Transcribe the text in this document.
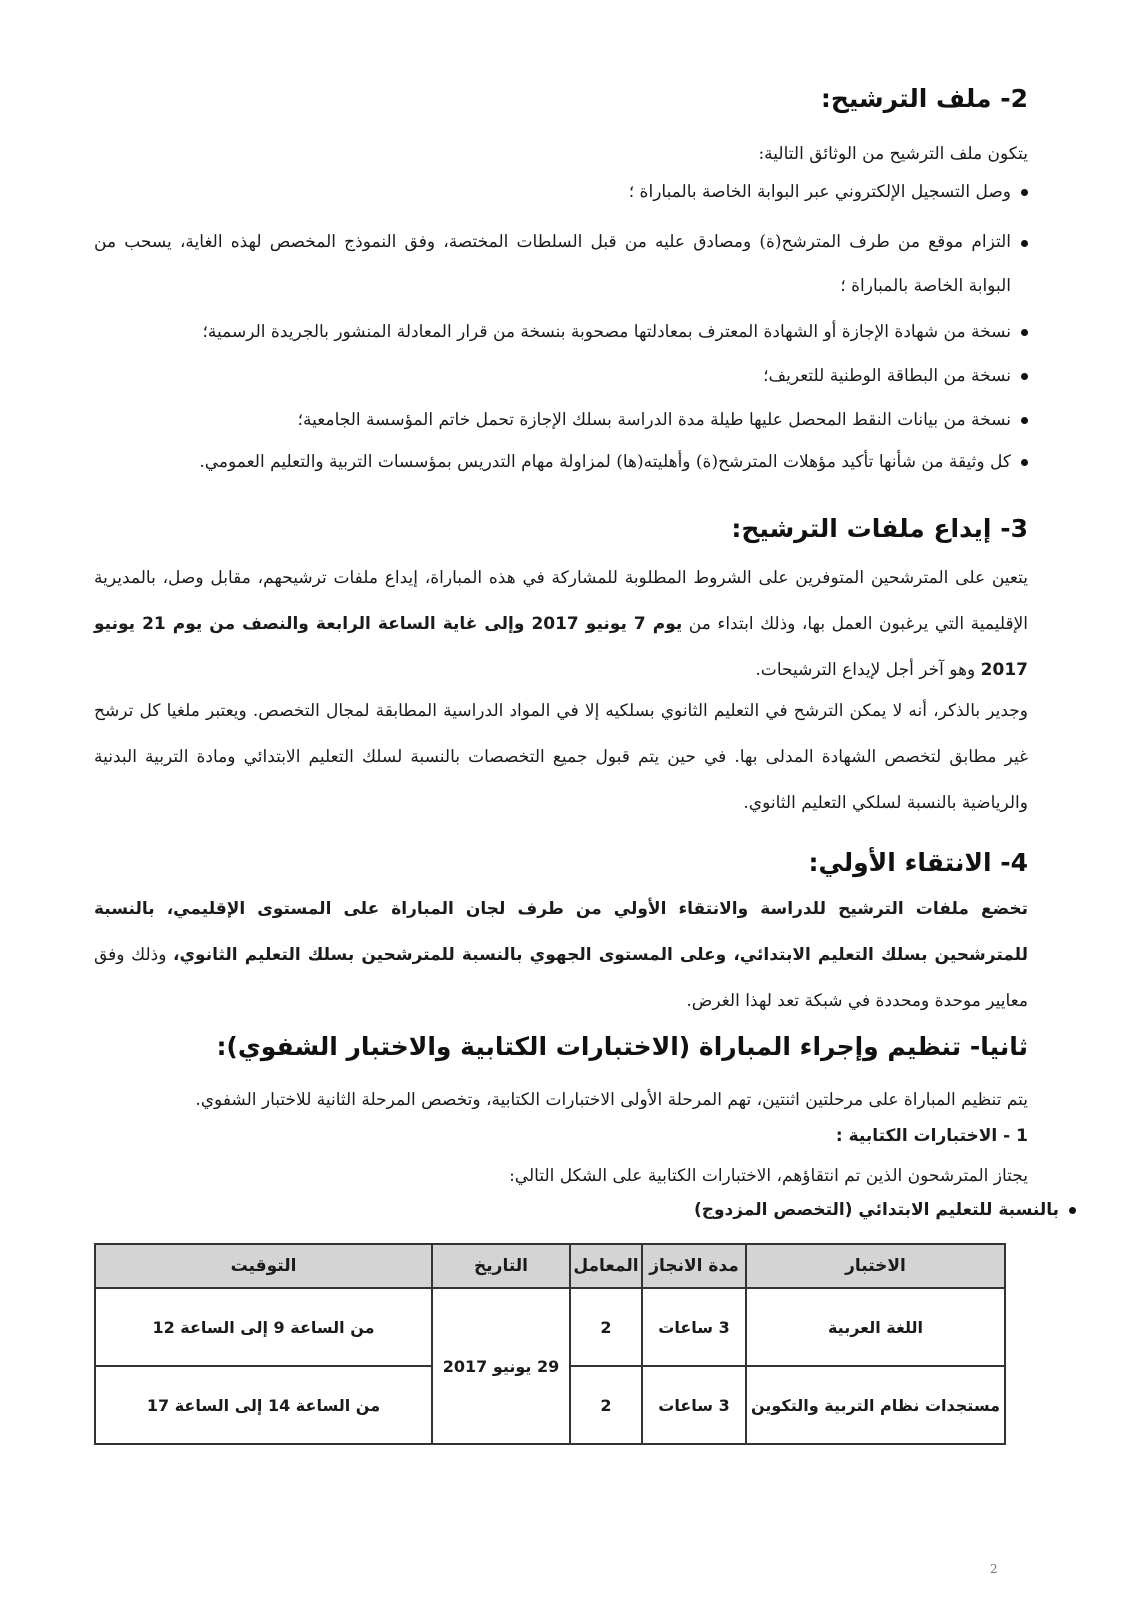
2- ملف الترشيح:
يتكون ملف الترشيح من الوثائق التالية:
وصل التسجيل الإلكتروني عبر البوابة الخاصة بالمباراة ؛
التزام موقع من طرف المترشح(ة) ومصادق عليه من قبل السلطات المختصة، وفق النموذج المخصص لهذه الغاية، يسحب من البوابة الخاصة بالمباراة ؛
نسخة من شهادة الإجازة أو الشهادة المعترف بمعادلتها مصحوبة بنسخة من قرار المعادلة المنشور بالجريدة الرسمية؛
نسخة من البطاقة الوطنية للتعريف؛
نسخة من بيانات النقط المحصل عليها طيلة مدة الدراسة بسلك الإجازة تحمل خاتم المؤسسة الجامعية؛
كل وثيقة من شأنها تأكيد مؤهلات المترشح(ة) وأهليته(ها) لمزاولة مهام التدريس بمؤسسات التربية والتعليم العمومي.
3- إيداع ملفات الترشيح:
يتعين على المترشحين المتوفرين على الشروط المطلوبة للمشاركة في هذه المباراة، إيداع ملفات ترشيحهم، مقابل وصل، بالمديرية الإقليمية التي يرغبون العمل بها، وذلك ابتداء من يوم 7 يونيو 2017 وإلى غاية الساعة الرابعة والنصف من يوم 21 يونيو 2017 وهو آخر أجل لإيداع الترشيحات.
وجدير بالذكر، أنه لا يمكن الترشح في التعليم الثانوي بسلكيه إلا في المواد الدراسية المطابقة لمجال التخصص. ويعتبر ملغيا كل ترشح غير مطابق لتخصص الشهادة المدلى بها. في حين يتم قبول جميع التخصصات بالنسبة لسلك التعليم الابتدائي ومادة التربية البدنية والرياضية بالنسبة لسلكي التعليم الثانوي.
4- الانتقاء الأولي:
تخضع ملفات الترشيح للدراسة والانتقاء الأولي من طرف لجان المباراة على المستوى الإقليمي، بالنسبة للمترشحين بسلك التعليم الابتدائي، وعلى المستوى الجهوي بالنسبة للمترشحين بسلك التعليم الثانوي، وذلك وفق معايير موحدة ومحددة في شبكة تعد لهذا الغرض.
ثانيا- تنظيم وإجراء المباراة (الاختبارات الكتابية والاختبار الشفوي):
يتم تنظيم المباراة على مرحلتين اثنتين، تهم المرحلة الأولى الاختبارات الكتابية، وتخصص المرحلة الثانية للاختبار الشفوي.
1 - الاختبارات الكتابية :
يجتاز المترشحون الذين تم انتقاؤهم، الاختبارات الكتابية على الشكل التالي:
بالنسبة للتعليم الابتدائي (التخصص المزدوج)
الاختبار	مدة الانجاز	المعامل	التاريخ	التوقيت
اللغة العربية	3 ساعات	2	29 يونيو 2017	من الساعة 9 إلى الساعة 12
مستجدات نظام التربية والتكوين	3 ساعات	2		من الساعة 14 إلى الساعة 17
2
